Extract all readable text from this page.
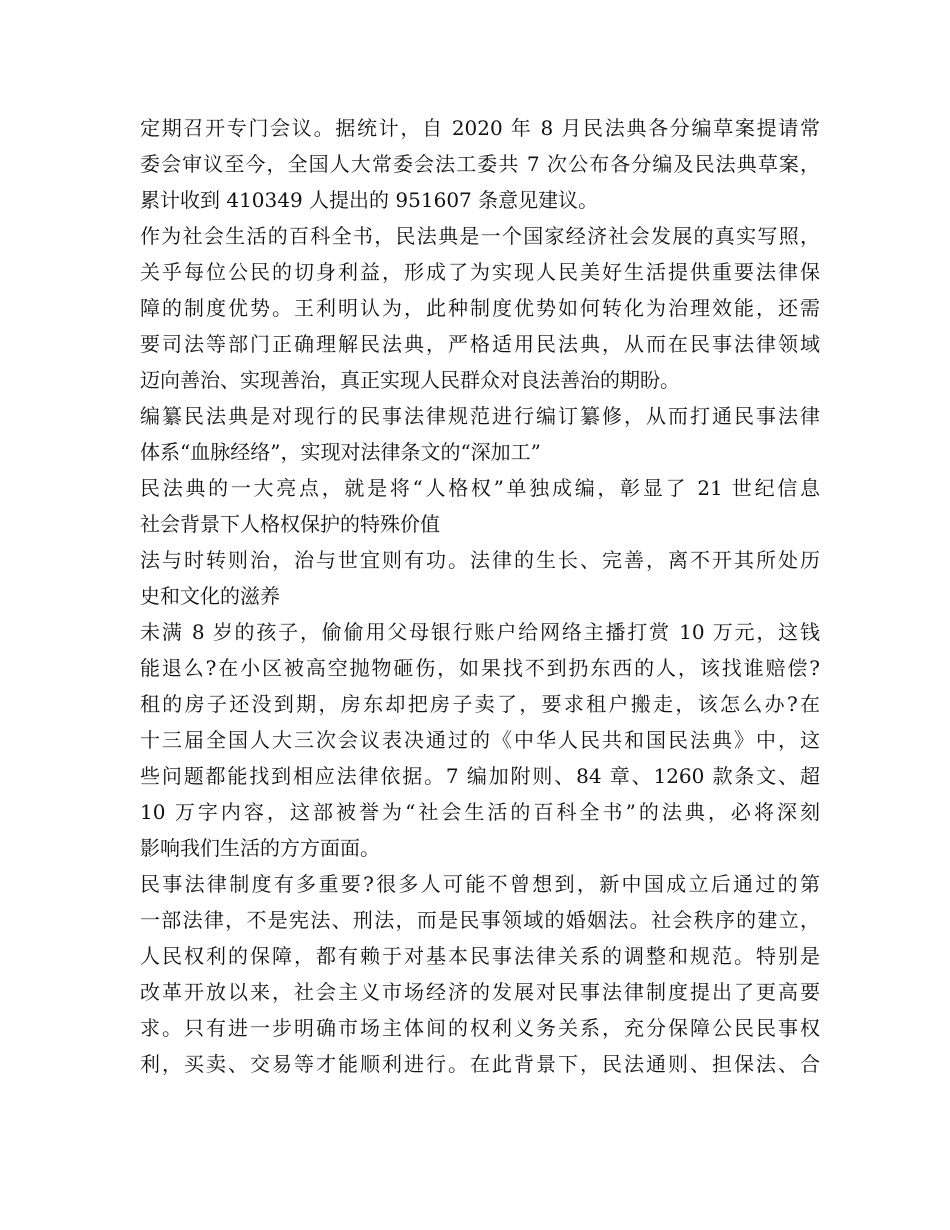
定期召开专门会议。据统计，自 2020 年 8 月民法典各分编草案提请常
委会审议至今，全国人大常委会法工委共 7 次公布各分编及民法典草案，
累计收到 410349 人提出的 951607 条意见建议。
作为社会生活的百科全书，民法典是一个国家经济社会发展的真实写照，
关乎每位公民的切身利益，形成了为实现人民美好生活提供重要法律保
障的制度优势。王利明认为，此种制度优势如何转化为治理效能，还需
要司法等部门正确理解民法典，严格适用民法典，从而在民事法律领域
迈向善治、实现善治，真正实现人民群众对良法善治的期盼。
编纂民法典是对现行的民事法律规范进行编订纂修，从而打通民事法律
体系“血脉经络”，实现对法律条文的“深加工”
民法典的一大亮点，就是将“人格权”单独成编，彰显了 21 世纪信息
社会背景下人格权保护的特殊价值
法与时转则治，治与世宜则有功。法律的生长、完善，离不开其所处历
史和文化的滋养
未满 8 岁的孩子，偷偷用父母银行账户给网络主播打赏 10 万元，这钱
能退么?在小区被高空抛物砸伤，如果找不到扔东西的人，该找谁赔偿?
租的房子还没到期，房东却把房子卖了，要求租户搬走，该怎么办?在
十三届全国人大三次会议表决通过的《中华人民共和国民法典》中，这
些问题都能找到相应法律依据。7 编加附则、84 章、1260 款条文、超
10 万字内容，这部被誉为“社会生活的百科全书”的法典，必将深刻
影响我们生活的方方面面。
民事法律制度有多重要?很多人可能不曾想到，新中国成立后通过的第
一部法律，不是宪法、刑法，而是民事领域的婚姻法。社会秩序的建立，
人民权利的保障，都有赖于对基本民事法律关系的调整和规范。特别是
改革开放以来，社会主义市场经济的发展对民事法律制度提出了更高要
求。只有进一步明确市场主体间的权利义务关系，充分保障公民民事权
利，买卖、交易等才能顺利进行。在此背景下，民法通则、担保法、合
